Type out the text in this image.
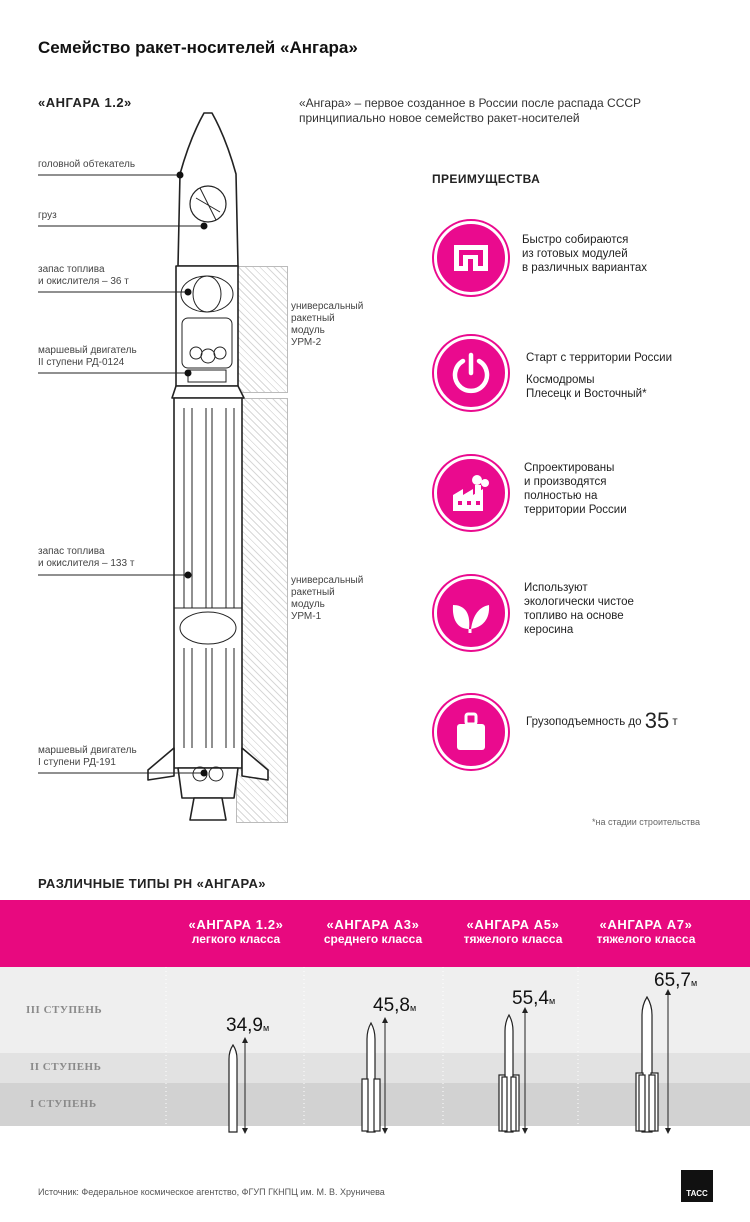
Семейство ракет-носителей «Ангара»
«АНГАРА 1.2»	«Ангара» – первое созданное в России после распада СССР принципиально новое семейство ракет-носителей
головной обтекатель
груз
запас топлива
и окислителя – 36 т
маршевый двигатель
II ступени РД-0124
запас топлива
и окислителя – 133 т
маршевый двигатель
I ступени РД-191
универсальный
ракетный
модуль
УРМ-2
универсальный
ракетный
модуль
УРМ-1
ПРЕИМУЩЕСТВА
Быстро собираются
из готовых модулей
в различных вариантах
Старт с территории России
Космодромы
Плесецк и Восточный*
Спроектированы
и производятся
полностью на
территории России
Используют
экологически чистое
топливо на основе
керосина
Грузоподъемность до 35 т
*на стадии строительства
РАЗЛИЧНЫЕ ТИПЫ РН «АНГАРА»
«АНГАРА 1.2»
легкого класса
«АНГАРА А3»
среднего класса
«АНГАРА А5»
тяжелого класса
«АНГАРА А7»
тяжелого класса
III СТУПЕНЬ
II СТУПЕНЬ
I СТУПЕНЬ
34,9м
45,8м	55,4м
65,7м
Источник: Федеральное космическое агентство, ФГУП ГКНПЦ им. М. В. Хруничева	ТАСС
